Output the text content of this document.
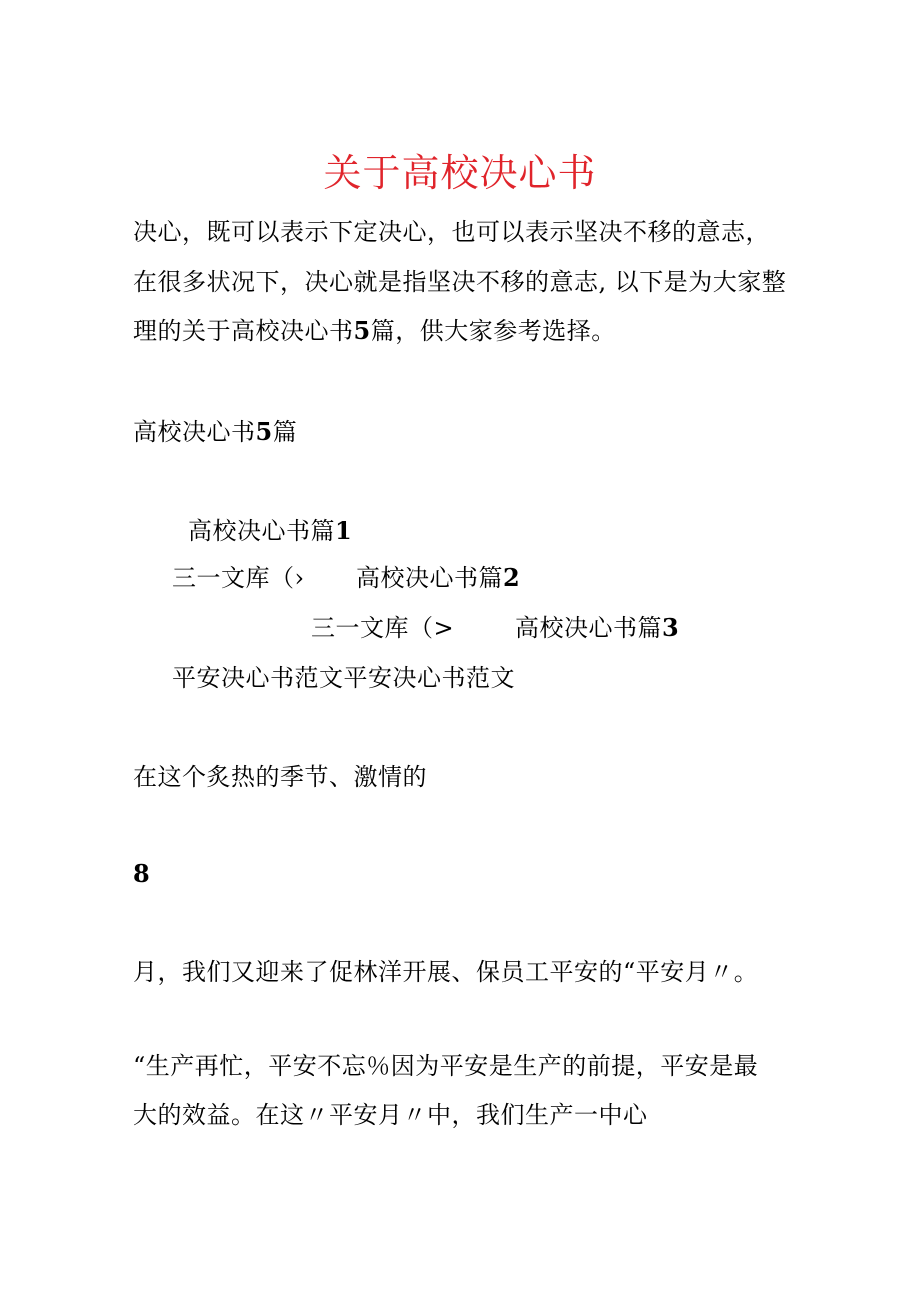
关于高校决心书
决心，既可以表示下定决心，也可以表示坚决不移的意志，
在很多状况下，决心就是指坚决不移的意志, 以下是为大家整
理的关于高校决心书5篇，供大家参考选择。
高校决心书5篇
高校决心书篇1
三一文库（› 高校决心书篇2
三一文库（>	高校决心书篇3
平安决心书范文平安决心书范文
在这个炙热的季节、激情的
8
月，我们又迎来了促林洋开展、保员工平安的“平安月〃。
“生产再忙，平安不忘％因为平安是生产的前提，平安是最
大的效益。在这〃平安月〃中，我们生产一中心
